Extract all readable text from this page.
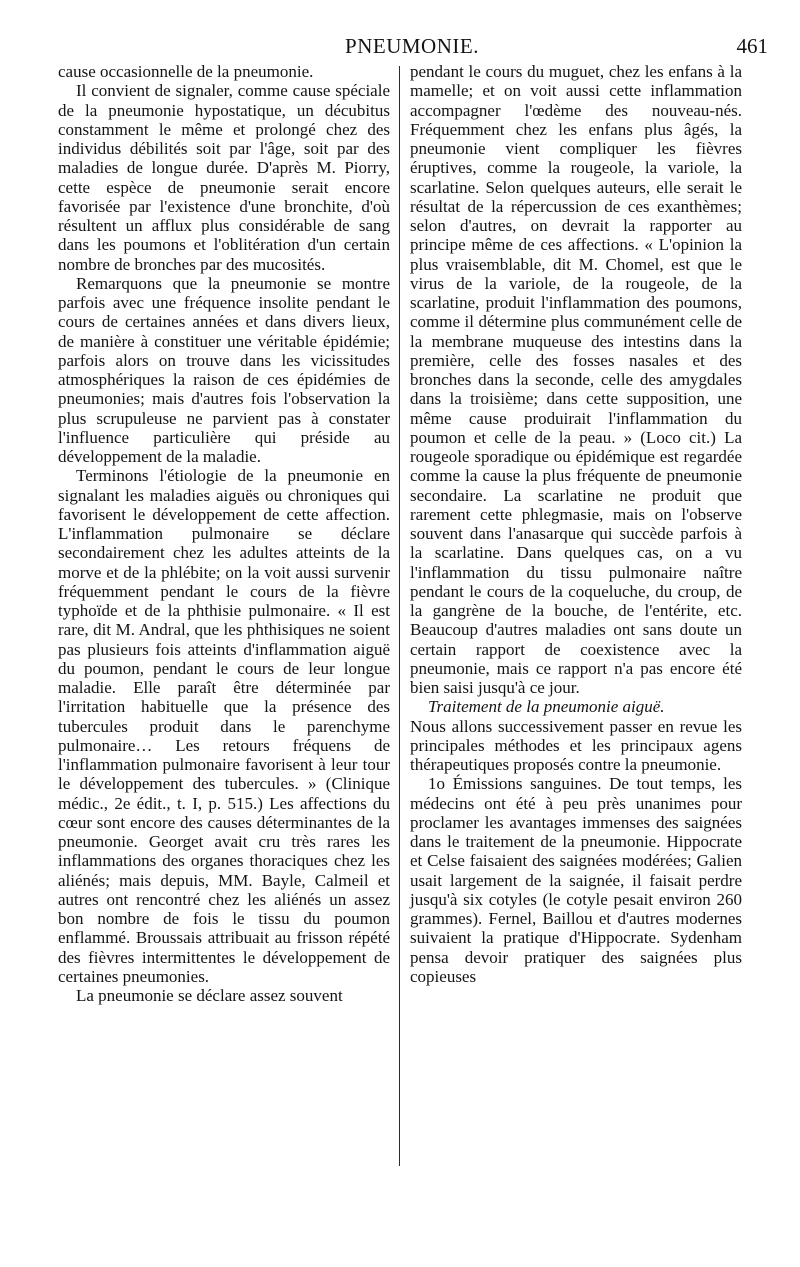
PNEUMONIE.	461

cause occasionnelle de la pneumonie.

Il convient de signaler, comme cause spéciale de la pneumonie hypostatique, un décubitus constamment le même et prolongé chez des individus débilités soit par l'âge, soit par des maladies de longue durée. D'après M. Piorry, cette espèce de pneumonie serait encore favorisée par l'existence d'une bronchite, d'où résultent un afflux plus considérable de sang dans les poumons et l'oblitération d'un certain nombre de bronches par des mucosités.

Remarquons que la pneumonie se montre parfois avec une fréquence insolite pendant le cours de certaines années et dans divers lieux, de manière à constituer une véritable épidémie; parfois alors on trouve dans les vicissitudes atmosphériques la raison de ces épidémies de pneumonies; mais d'autres fois l'observation la plus scrupuleuse ne parvient pas à constater l'influence particulière qui préside au développement de la maladie.

Terminons l'étiologie de la pneumonie en signalant les maladies aiguës ou chroniques qui favorisent le développement de cette affection. L'inflammation pulmonaire se déclare secondairement chez les adultes atteints de la morve et de la phlébite; on la voit aussi survenir fréquemment pendant le cours de la fièvre typhoïde et de la phthisie pulmonaire. « Il est rare, dit M. Andral, que les phthisiques ne soient pas plusieurs fois atteints d'inflammation aiguë du poumon, pendant le cours de leur longue maladie. Elle paraît être déterminée par l'irritation habituelle que la présence des tubercules produit dans le parenchyme pulmonaire… Les retours fréquens de l'inflammation pulmonaire favorisent à leur tour le développement des tubercules. » (Clinique médic., 2e édit., t. I, p. 515.) Les affections du cœur sont encore des causes déterminantes de la pneumonie. Georget avait cru très rares les inflammations des organes thoraciques chez les aliénés; mais depuis, MM. Bayle, Calmeil et autres ont rencontré chez les aliénés un assez bon nombre de fois le tissu du poumon enflammé. Broussais attribuait au frisson répété des fièvres intermittentes le développement de certaines pneumonies.

La pneumonie se déclare assez souvent

pendant le cours du muguet, chez les enfans à la mamelle; et on voit aussi cette inflammation accompagner l'œdème des nouveau-nés. Fréquemment chez les enfans plus âgés, la pneumonie vient compliquer les fièvres éruptives, comme la rougeole, la variole, la scarlatine. Selon quelques auteurs, elle serait le résultat de la répercussion de ces exanthèmes; selon d'autres, on devrait la rapporter au principe même de ces affections. « L'opinion la plus vraisemblable, dit M. Chomel, est que le virus de la variole, de la rougeole, de la scarlatine, produit l'inflammation des poumons, comme il détermine plus communément celle de la membrane muqueuse des intestins dans la première, celle des fosses nasales et des bronches dans la seconde, celle des amygdales dans la troisième; dans cette supposition, une même cause produirait l'inflammation du poumon et celle de la peau. » (Loco cit.) La rougeole sporadique ou épidémique est regardée comme la cause la plus fréquente de pneumonie secondaire. La scarlatine ne produit que rarement cette phlegmasie, mais on l'observe souvent dans l'anasarque qui succède parfois à la scarlatine. Dans quelques cas, on a vu l'inflammation du tissu pulmonaire naître pendant le cours de la coqueluche, du croup, de la gangrène de la bouche, de l'entérite, etc. Beaucoup d'autres maladies ont sans doute un certain rapport de coexistence avec la pneumonie, mais ce rapport n'a pas encore été bien saisi jusqu'à ce jour.

Traitement de la pneumonie aiguë.

Nous allons successivement passer en revue les principales méthodes et les principaux agens thérapeutiques proposés contre la pneumonie.

1o Émissions sanguines. De tout temps, les médecins ont été à peu près unanimes pour proclamer les avantages immenses des saignées dans le traitement de la pneumonie. Hippocrate et Celse faisaient des saignées modérées; Galien usait largement de la saignée, il faisait perdre jusqu'à six cotyles (le cotyle pesait environ 260 grammes). Fernel, Baillou et d'autres modernes suivaient la pratique d'Hippocrate. Sydenham pensa devoir pratiquer des saignées plus copieuses
